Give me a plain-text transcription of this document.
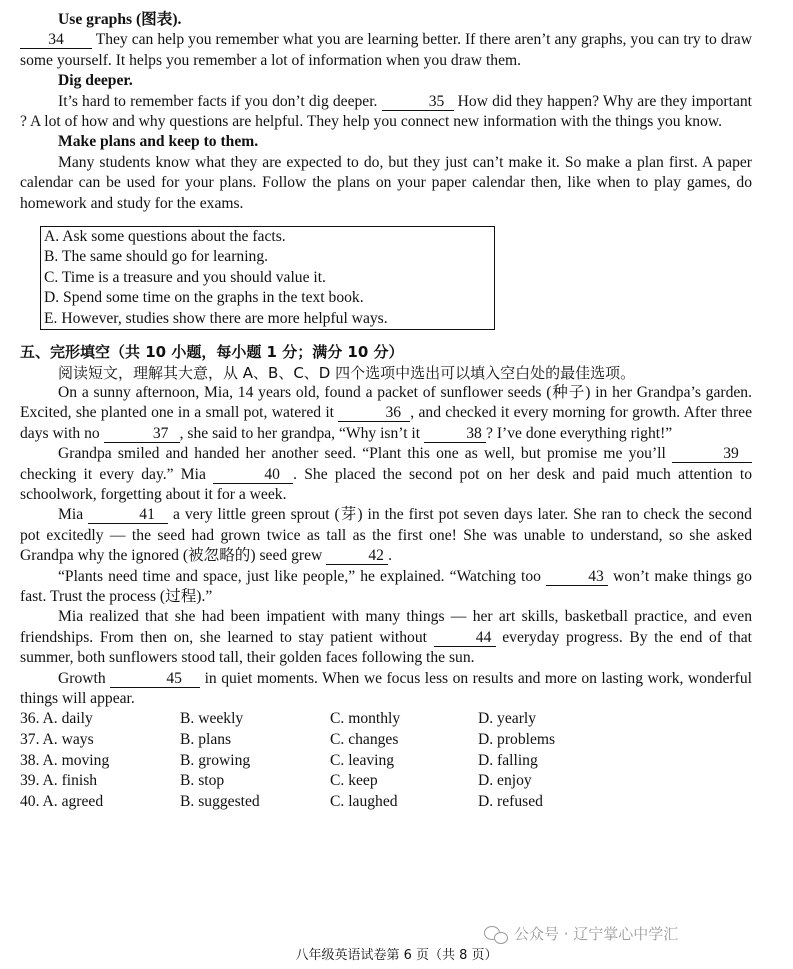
Use graphs (图表).

34 They can help you remember what you are learning better. If there aren’t any graphs, you can try to draw some yourself. It helps you remember a lot of information when you draw them.

Dig deeper.

It’s hard to remember facts if you don’t dig deeper.	35 How did they happen? Why are they important ? A lot of how and why questions are helpful. They help you connect new information with the things you know.

Make plans and keep to them.

Many students know what they are expected to do, but they just can’t make it. So make a plan first. A paper calendar can be used for your plans. Follow the plans on your paper calendar then, like when to play games, do homework and study for the exams.

A. Ask some questions about the facts.
B. The same should go for learning.
C. Time is a treasure and you should value it.
D. Spend some time on the graphs in the text book.
E. However, studies show there are more helpful ways.

五、完形填空（共 10 小题，每小题 1 分；满分 10 分）

阅读短文，理解其大意，从 A、B、C、D 四个选项中选出可以填入空白处的最佳选项。

On a sunny afternoon, Mia, 14 years old, found a packet of sunflower seeds (种子) in her Grandpa’s garden. Excited, she planted one in a small pot, watered it	36 , and checked it every morning for growth. After three days with no	37 , she said to her grandpa, “Why isn’t it	38 ? I’ve done everything right!”

Grandpa smiled and handed her another seed. “Plant this one as well, but promise me you’ll	39 checking it every day.” Mia	40 . She placed the second pot on her desk and paid much attention to schoolwork, forgetting about it for a week.

Mia	41 a very little green sprout (芽) in the first pot seven days later. She ran to check the second pot excitedly — the seed had grown twice as tall as the first one! She was unable to understand, so she asked Grandpa why the ignored (被忽略的) seed grew	42 .

“Plants need time and space, just like people,” he explained. “Watching too	43 won’t make things go fast. Trust the process (过程).”

Mia realized that she had been impatient with many things — her art skills, basketball practice, and even friendships. From then on, she learned to stay patient without	44 everyday progress. By the end of that summer, both sunflowers stood tall, their golden faces following the sun.

Growth	45 in quiet moments. When we focus less on results and more on lasting work, wonderful things will appear.

36. A. daily	B. weekly	C. monthly	D. yearly
37. A. ways	B. plans	C. changes	D. problems
38. A. moving	B. growing	C. leaving	D. falling
39. A. finish	B. stop	C. keep	D. enjoy
40. A. agreed	B. suggested	C. laughed	D. refused
公众号 · 辽宁掌心中学汇
八年级英语试卷第 6 页（共 8 页）
